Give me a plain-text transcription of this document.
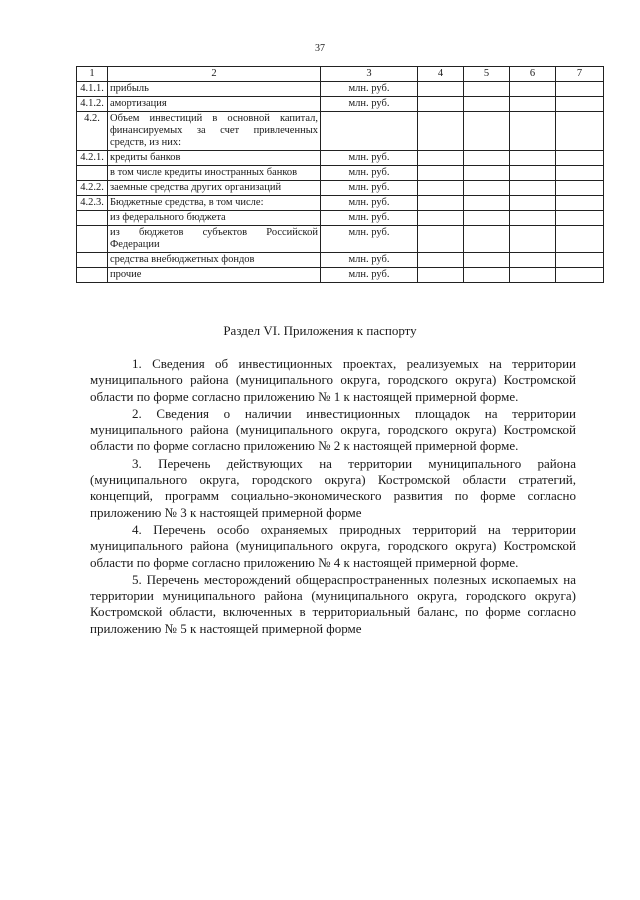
37
1	2	3	4	5	6	7
4.1.1.	прибыль	млн. руб.				
4.1.2.	амортизация	млн. руб.				
4.2.	Объем инвестиций в основной капитал, финансируемых за счет привлеченных средств, из них:					
4.2.1.	кредиты банков	млн. руб.				
	в том числе кредиты иностранных банков	млн. руб.				
4.2.2.	заемные средства других организаций	млн. руб.				
4.2.3.	Бюджетные средства, в том числе:	млн. руб.				
	из федерального бюджета	млн. руб.				
	из бюджетов субъектов Российской Федерации	млн. руб.				
	средства внебюджетных фондов	млн. руб.				
	прочие	млн. руб.				
Раздел VI. Приложения к паспорту

1. Сведения об инвестиционных проектах, реализуемых на территории муниципального района (муниципального округа, городского округа) Костромской области по форме согласно приложению № 1 к настоящей примерной форме.

2. Сведения о наличии инвестиционных площадок на территории муниципального района (муниципального округа, городского округа) Костромской области по форме согласно приложению № 2 к настоящей примерной форме.

3. Перечень действующих на территории муниципального района (муниципального округа, городского округа) Костромской области стратегий, концепций, программ социально-экономического развития по форме согласно приложению № 3 к настоящей примерной форме

4. Перечень особо охраняемых природных территорий на территории муниципального района (муниципального округа, городского округа) Костромской области по форме согласно приложению № 4 к настоящей примерной форме.

5. Перечень месторождений общераспространенных полезных ископаемых на территории муниципального района (муниципального округа, городского округа) Костромской области, включенных в территориальный баланс, по форме согласно приложению № 5 к настоящей примерной форме
